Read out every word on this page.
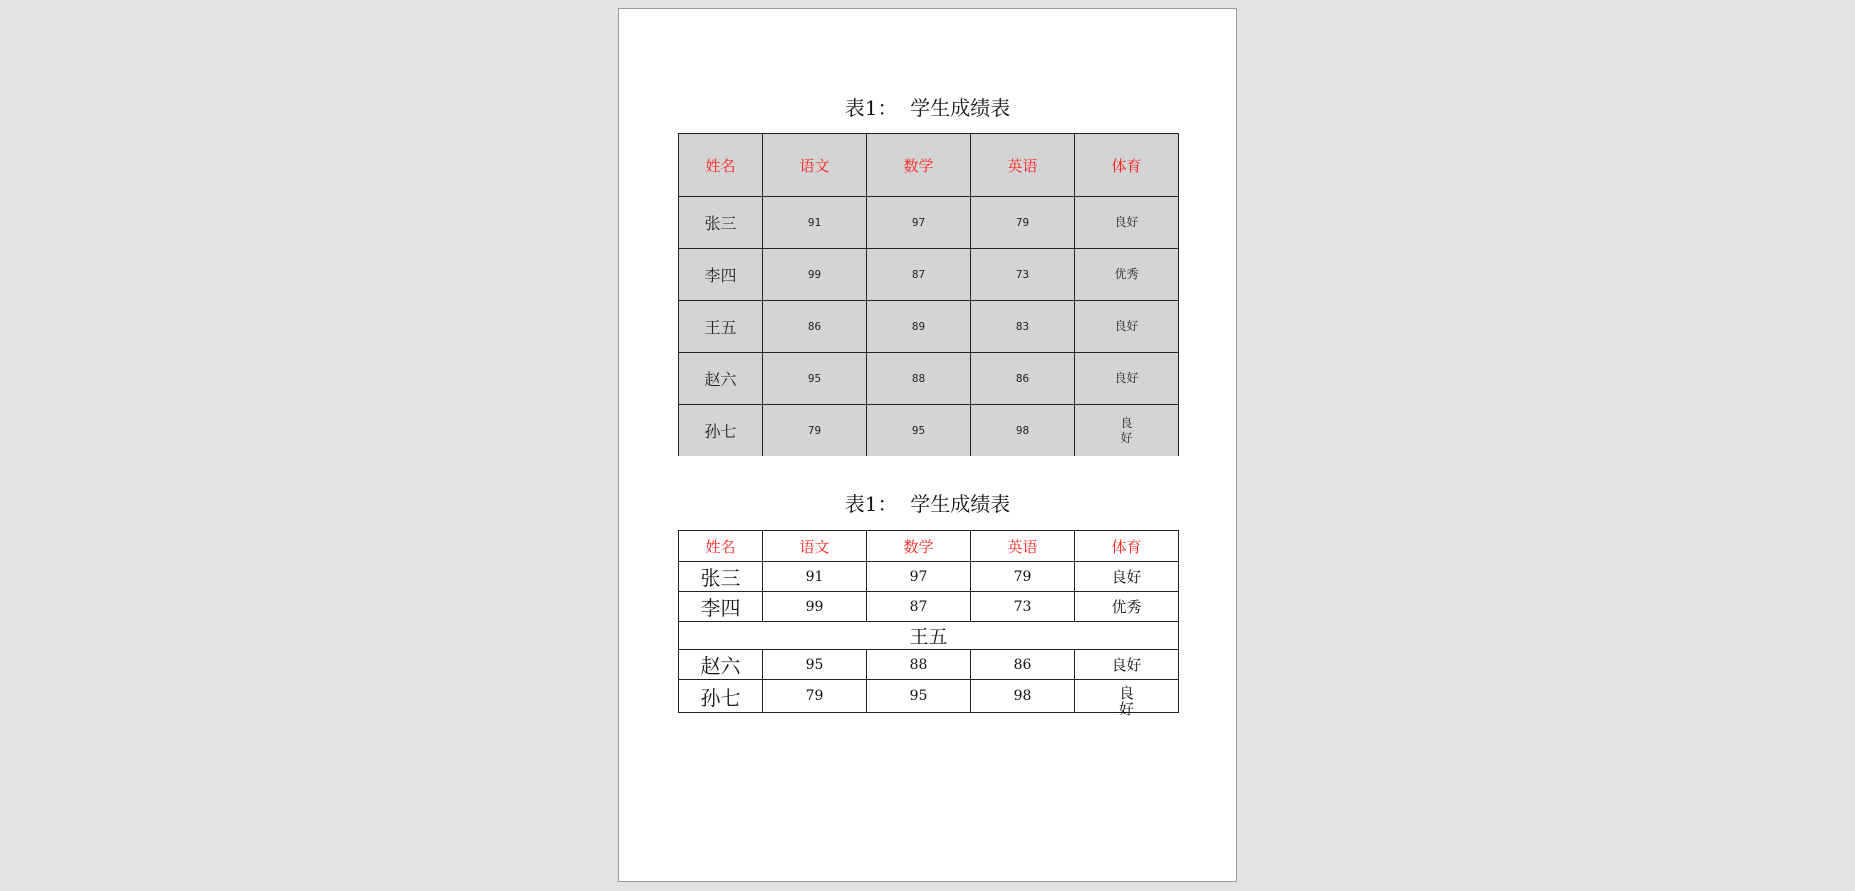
表1：  学生成绩表
姓名	语文	数学	英语	体育
张三	91	97	79	良好
李四	99	87	73	优秀
王五	86	89	83	良好
赵六	95	88	86	良好
孙七	79	95	98	良好
表1：  学生成绩表
姓名	语文	数学	英语	体育
张三	91	97	79	良好
李四	99	87	73	优秀
王五				
赵六	95	88	86	良好
孙七	79	95	98	良好
